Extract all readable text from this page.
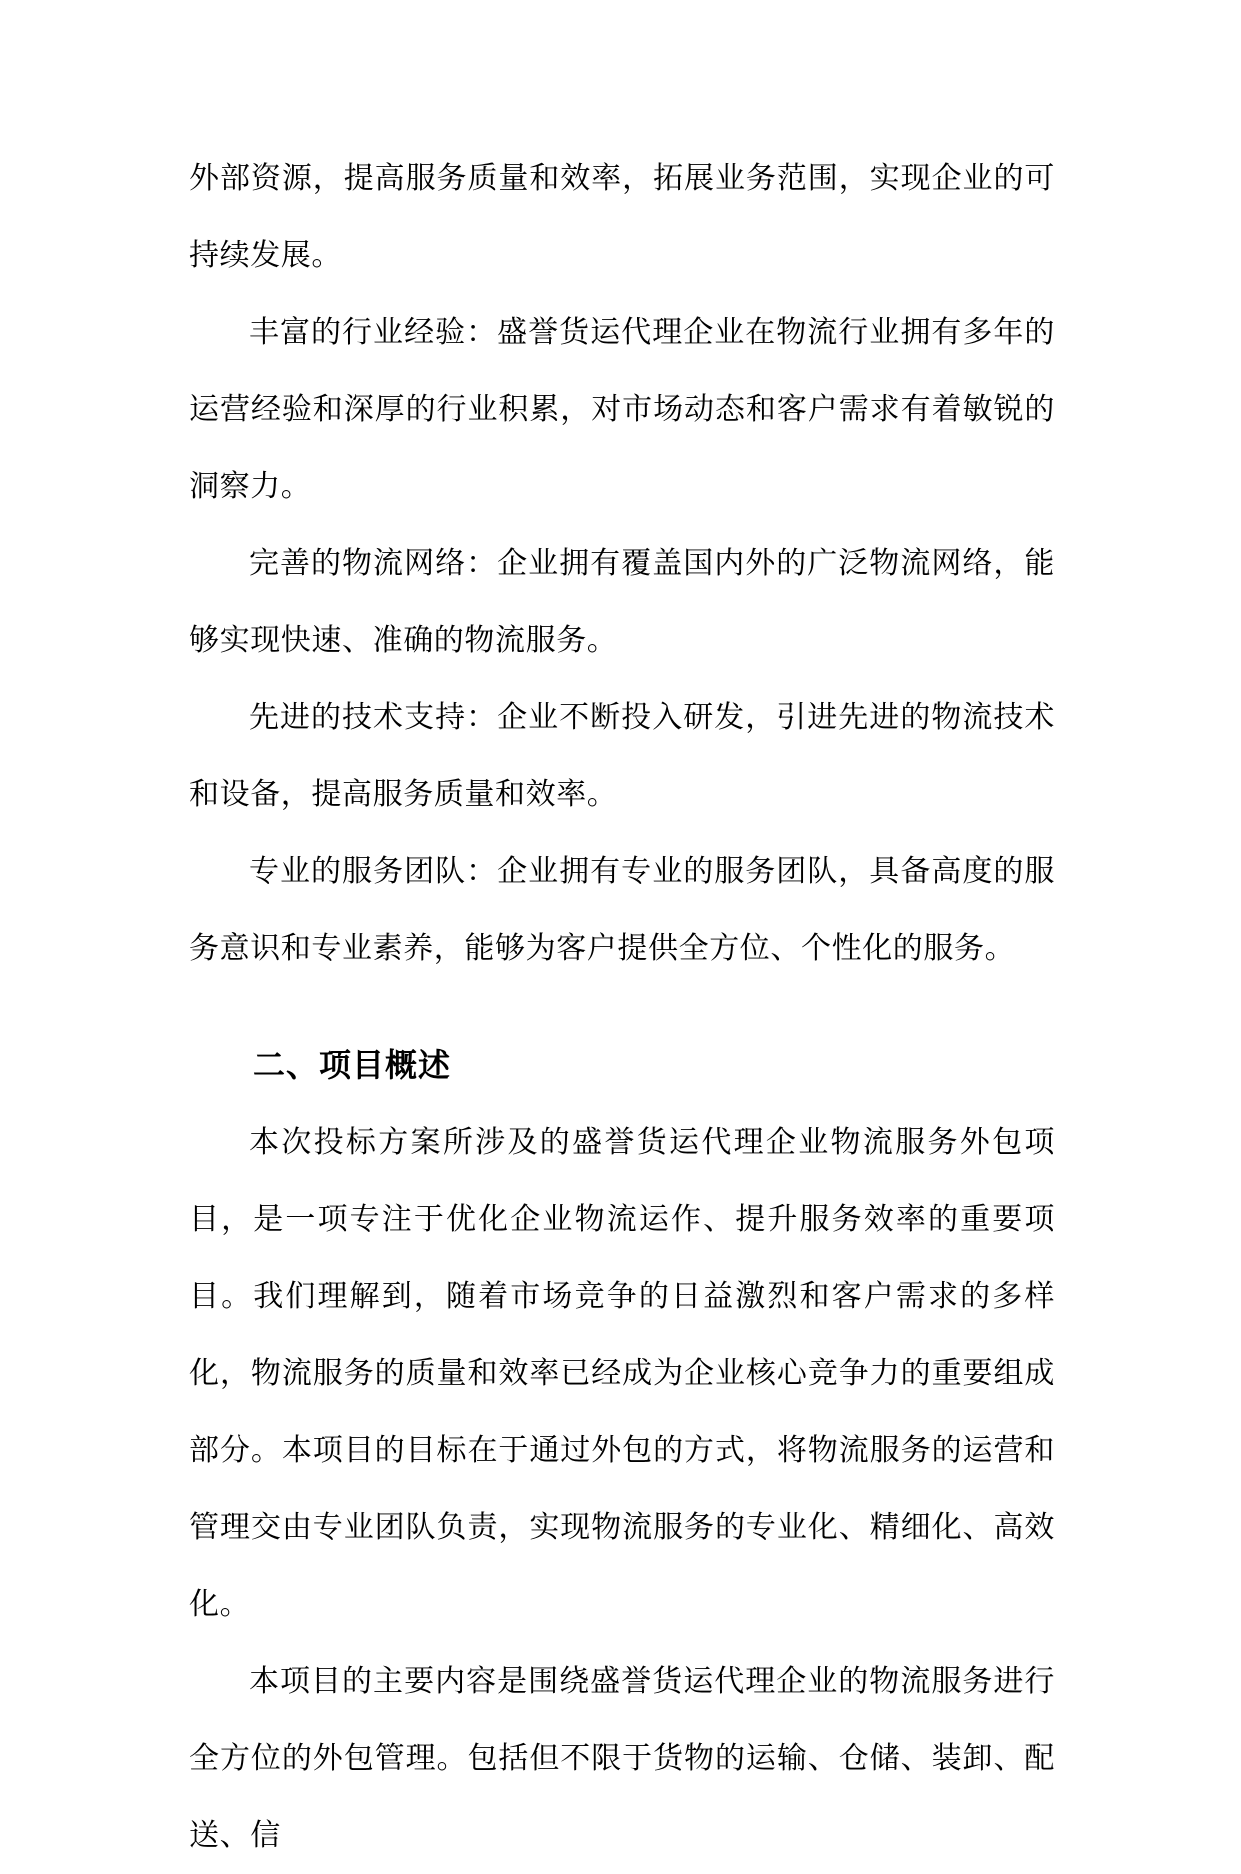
外部资源，提高服务质量和效率，拓展业务范围，实现企业的可持续发展。

丰富的行业经验：盛誉货运代理企业在物流行业拥有多年的运营经验和深厚的行业积累，对市场动态和客户需求有着敏锐的洞察力。

完善的物流网络：企业拥有覆盖国内外的广泛物流网络，能够实现快速、准确的物流服务。

先进的技术支持：企业不断投入研发，引进先进的物流技术和设备，提高服务质量和效率。

专业的服务团队：企业拥有专业的服务团队，具备高度的服务意识和专业素养，能够为客户提供全方位、个性化的服务。

二、项目概述

本次投标方案所涉及的盛誉货运代理企业物流服务外包项目，是一项专注于优化企业物流运作、提升服务效率的重要项目。我们理解到，随着市场竞争的日益激烈和客户需求的多样化，物流服务的质量和效率已经成为企业核心竞争力的重要组成部分。本项目的目标在于通过外包的方式，将物流服务的运营和管理交由专业团队负责，实现物流服务的专业化、精细化、高效化。

本项目的主要内容是围绕盛誉货运代理企业的物流服务进行全方位的外包管理。包括但不限于货物的运输、仓储、装卸、配送、信
